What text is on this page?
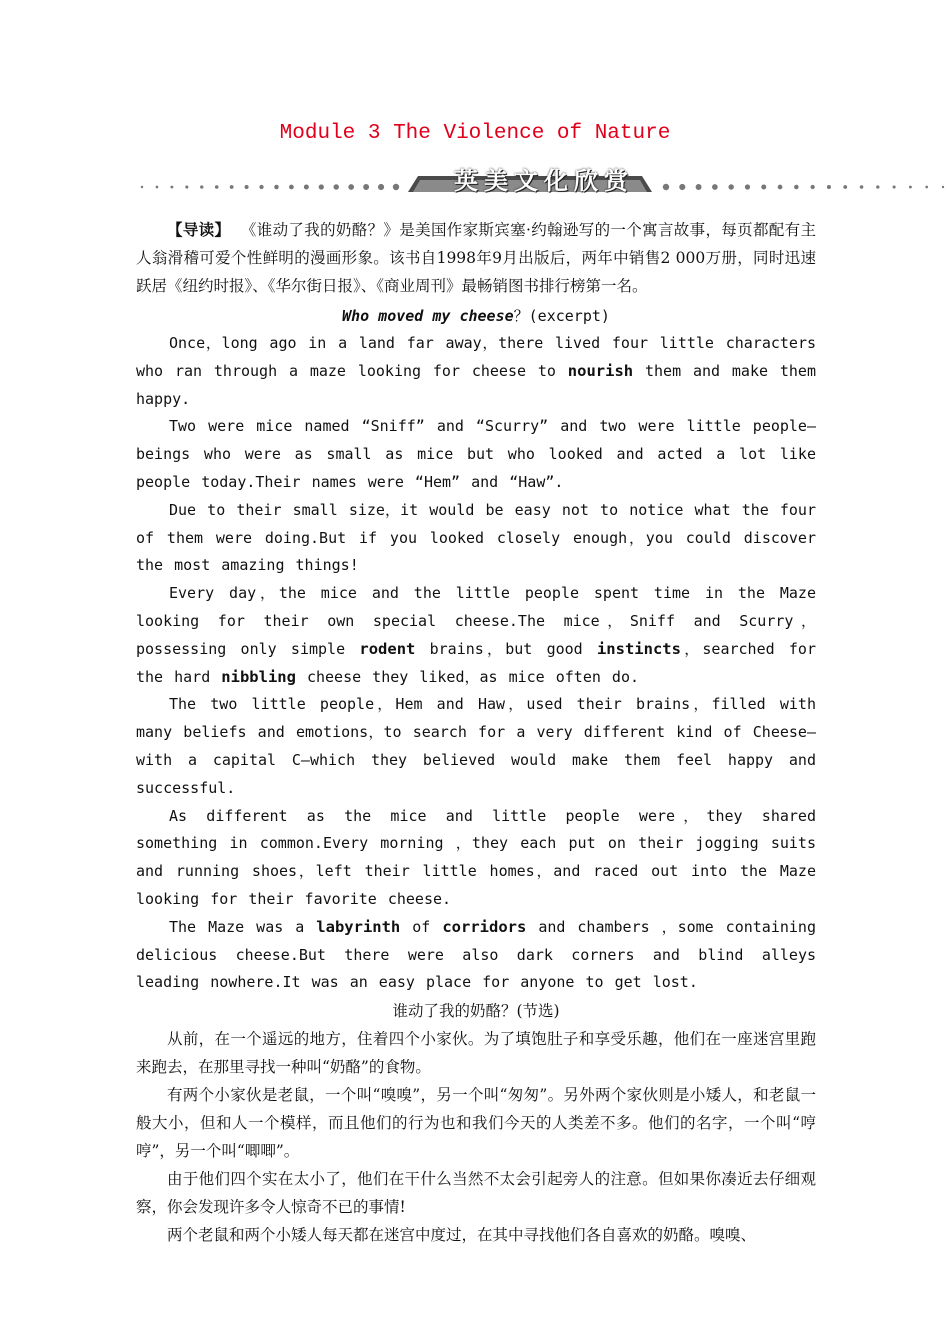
Module 3 The Violence of Nature
英美文化欣赏

【导读】 《谁动了我的奶酪？》是美国作家斯宾塞·约翰逊写的一个寓言故事，每页都配有主人翁滑稽可爱个性鲜明的漫画形象。该书自1998年9月出版后，两年中销售2 000万册，同时迅速跃居《纽约时报》、《华尔街日报》、《商业周刊》最畅销图书排行榜第一名。

Who moved my cheese？(excerpt)

Once，long ago in a land far away，there lived four little characters who ran through a maze looking for cheese to nourish them and make them happy.

Two were mice named “Sniff” and “Scurry” and two were little people—beings who were as small as mice but who looked and acted a lot like people today.Their names were “Hem” and “Haw”.

Due to their small size，it would be easy not to notice what the four of them were doing.But if you looked closely enough，you could discover the most amazing things!

Every day，the mice and the little people spent time in the Maze looking for their own special cheese.The mice，Sniff and Scurry，possessing only simple rodent brains，but good instincts，searched for the hard nibbling cheese they liked，as mice often do.

The two little people，Hem and Haw，used their brains，filled with many beliefs and emotions，to search for a very different kind of Cheese—with a capital C—which they believed would make them feel happy and successful.

As different as the mice and little people were，they shared something in common.Every morning ，they each put on their jogging suits and running shoes，left their little homes，and raced out into the Maze looking for their favorite cheese.

The Maze was a labyrinth of corridors and chambers ，some containing delicious cheese.But there were also dark corners and blind alleys leading nowhere.It was an easy place for anyone to get lost.

谁动了我的奶酪？(节选)

从前，在一个遥远的地方，住着四个小家伙。为了填饱肚子和享受乐趣，他们在一座迷宫里跑来跑去，在那里寻找一种叫“奶酪”的食物。

有两个小家伙是老鼠，一个叫“嗅嗅”，另一个叫“匆匆”。另外两个家伙则是小矮人，和老鼠一般大小，但和人一个模样，而且他们的行为也和我们今天的人类差不多。他们的名字，一个叫“哼哼”，另一个叫“唧唧”。

由于他们四个实在太小了，他们在干什么当然不太会引起旁人的注意。但如果你凑近去仔细观察，你会发现许多令人惊奇不已的事情!

两个老鼠和两个小矮人每天都在迷宫中度过，在其中寻找他们各自喜欢的奶酪。嗅嗅、
